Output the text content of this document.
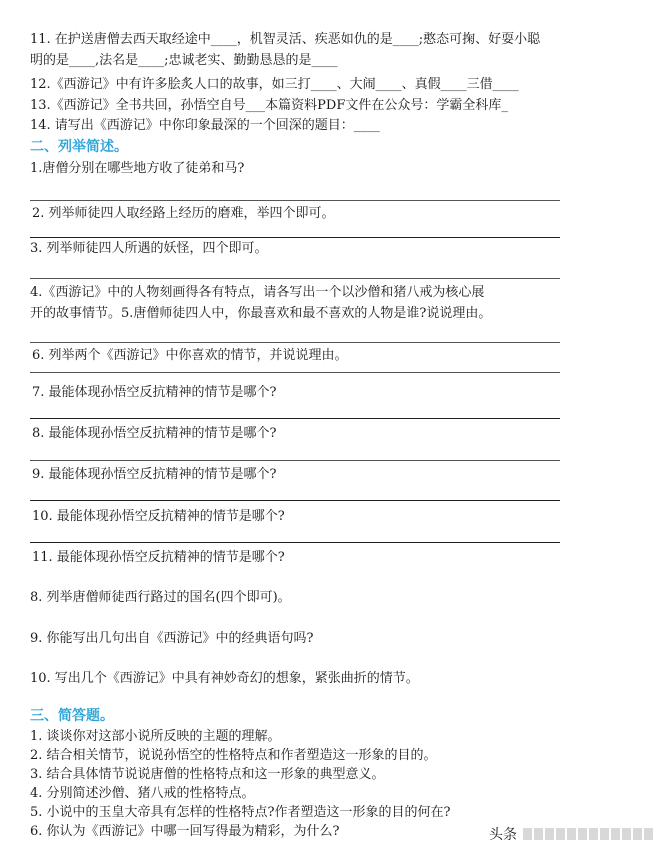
11. 在护送唐僧去西天取经途中____，机智灵活、疾恶如仇的是____;憨态可掬、好耍小聪
明的是____,法名是____;忠诚老实、勤勤恳恳的是____
12.《西游记》中有许多脍炙人口的故事，如三打____、大闹____、真假____三借____
13.《西游记》全书共回，孙悟空自号___本篇资料PDF文件在公众号：学霸全科库_
14. 请写出《西游记》中你印象最深的一个回深的题目：____
二、列举简述。
1.唐僧分别在哪些地方收了徒弟和马?
2. 列举师徒四人取经路上经历的磨难，举四个即可。
3. 列举师徒四人所遇的妖怪，四个即可。
4.《西游记》中的人物刻画得各有特点，请各写出一个以沙僧和猪八戒为核心展
开的故事情节。5.唐僧师徒四人中，你最喜欢和最不喜欢的人物是谁?说说理由。
6. 列举两个《西游记》中你喜欢的情节，并说说理由。
7. 最能体现孙悟空反抗精神的情节是哪个?
8. 最能体现孙悟空反抗精神的情节是哪个?
9. 最能体现孙悟空反抗精神的情节是哪个?
10. 最能体现孙悟空反抗精神的情节是哪个?
11. 最能体现孙悟空反抗精神的情节是哪个?
8. 列举唐僧师徒西行路过的国名(四个即可)。
9. 你能写出几句出自《西游记》中的经典语句吗?
10. 写出几个《西游记》中具有神妙奇幻的想象，紧张曲折的情节。
三、简答题。
1. 谈谈你对这部小说所反映的主题的理解。
2. 结合相关情节，说说孙悟空的性格特点和作者塑造这一形象的目的。
3. 结合具体情节说说唐僧的性格特点和这一形象的典型意义。
4. 分别简述沙僧、猪八戒的性格特点。
5. 小说中的玉皇大帝具有怎样的性格特点?作者塑造这一形象的目的何在?
6. 你认为《西游记》中哪一回写得最为精彩，为什么?	头条
